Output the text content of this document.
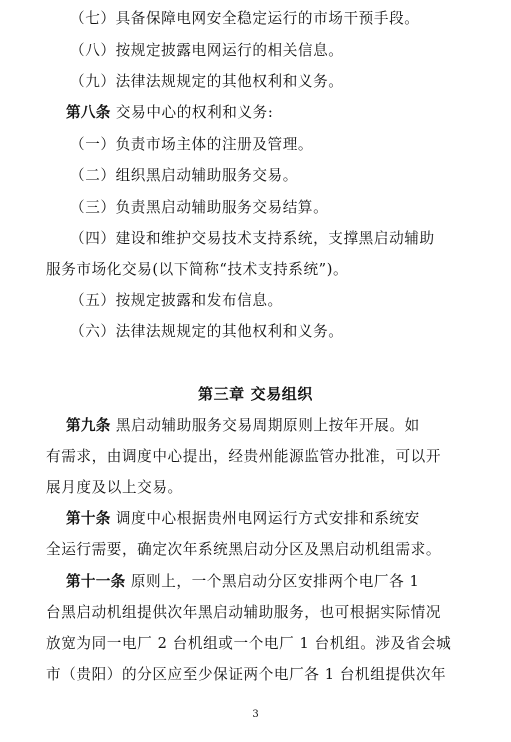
（七）具备保障电网安全稳定运行的市场干预手段。
（八）按规定披露电网运行的相关信息。
（九）法律法规规定的其他权利和义务。
第八条 交易中心的权利和义务:
（一）负责市场主体的注册及管理。
（二）组织黑启动辅助服务交易。
（三）负责黑启动辅助服务交易结算。
（四）建设和维护交易技术支持系统，支撑黑启动辅助
服务市场化交易(以下简称“技术支持系统”)。
（五）按规定披露和发布信息。
（六）法律法规规定的其他权利和义务。
第三章 交易组织
第九条 黑启动辅助服务交易周期原则上按年开展。如
有需求，由调度中心提出，经贵州能源监管办批准，可以开
展月度及以上交易。
第十条 调度中心根据贵州电网运行方式安排和系统安
全运行需要，确定次年系统黑启动分区及黑启动机组需求。
第十一条 原则上，一个黑启动分区安排两个电厂各 1
台黑启动机组提供次年黑启动辅助服务，也可根据实际情况
放宽为同一电厂 2 台机组或一个电厂 1 台机组。涉及省会城
市（贵阳）的分区应至少保证两个电厂各 1 台机组提供次年
3
